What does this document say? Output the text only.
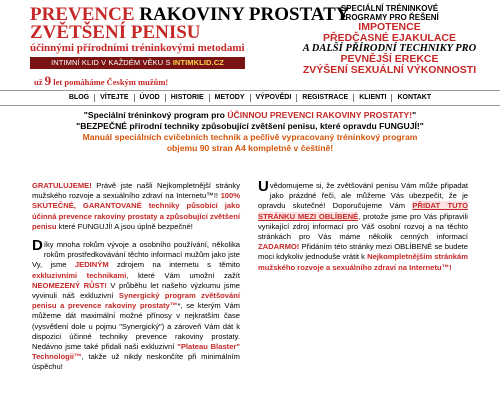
PREVENCE RAKOVINY PROSTATY
ZVĚTŠENÍ PENISU
účinnými přírodními tréninkovými metodami
INTIMNÍ KLID V KAŽDÉM VĚKU S INTIMKLID.CZ
už 9 let pomáháme Českým mužům!
SPECIÁLNÍ TRÉNINKOVÉ
PROGRAMY PRO ŘEŠENÍ
IMPOTENCE
PŘEDČASNÉ EJAKULACE
A DALŠÍ PŘÍRODNÍ TECHNIKY PRO
PEVNĚJŠÍ EREKCE
ZVÝŠENÍ SEXUÁLNÍ VÝKONNOSTI
BLOG	VÍTEJTE	ÚVOD	HISTORIE	METODY	VÝPOVĚDI	REGISTRACE	KLIENTI	KONTAKT
"Speciální tréninkový program pro ÚČINNOU PREVENCI RAKOVINY PROSTATY!"
"BEZPEČNÉ přírodní techniky způsobující zvětšení penisu, které opravdu FUNGUJÍ!"
Manuál speciálních cvičebních technik a pečlivě vypracovaný tréninkový program
objemu 90 stran A4 kompletně v češtině!

GRATULUJEME! Právě jste našli Nejkompletnější stránky mužského rozvoje a sexuálního zdraví na Internetu™!! 100% SKUTEČNÉ, GARANTOVANÉ techniky působící jako účinná prevence rakoviny prostaty a způsobující zvětšení penisu které FUNGUJÍ! A jsou úplně bezpečné!

Díky mnoha rokům vývoje a osobního používání, několika rokům prostředkovávání těchto informací mužům jako jste Vy, jsme JEDINÝM zdrojem na internetu s těmito exkluzivními technikami, které Vám umožní zažít NEOMEZENÝ RŮST! V průběhu let našeho výzkumu jsme vyvinuli náš exkluzivní Synergický program zvětšování penisu a prevence rakoviny prostaty™*, se kterým Vám můžeme dát maximální možné přínosy v nejkratším čase (vysvětlení dole u pojmu "Synergický") a zároveň Vám dát k dispozici účinné techniky prevence rakoviny prostaty. Nedávno jsme také přidali naši exkluzivní "Plateau Blaster" Technologii™, takže už nikdy neskončíte při minimálním úspěchu!

Uvědomujeme si, že zvětšování penisu Vám může připadat jako prázdné řeči, ale můžeme Vás ubezpečit, že je opravdu skutečné! Doporučujeme Vám PŘIDAT TUTO STRÁNKU MEZI OBLÍBENÉ, protože jsme pro Vás připravili vynikající zdroj informací pro Váš osobní rozvoj a na těchto stránkách pro Vás máme několik cenných informací ZADARMO! Přidáním této stránky mezi OBLÍBENÉ se budete moci kdykoliv jednoduše vrátit k Nejkompletnějším stránkám mužského rozvoje a sexuálního zdraví na Internetu™!
